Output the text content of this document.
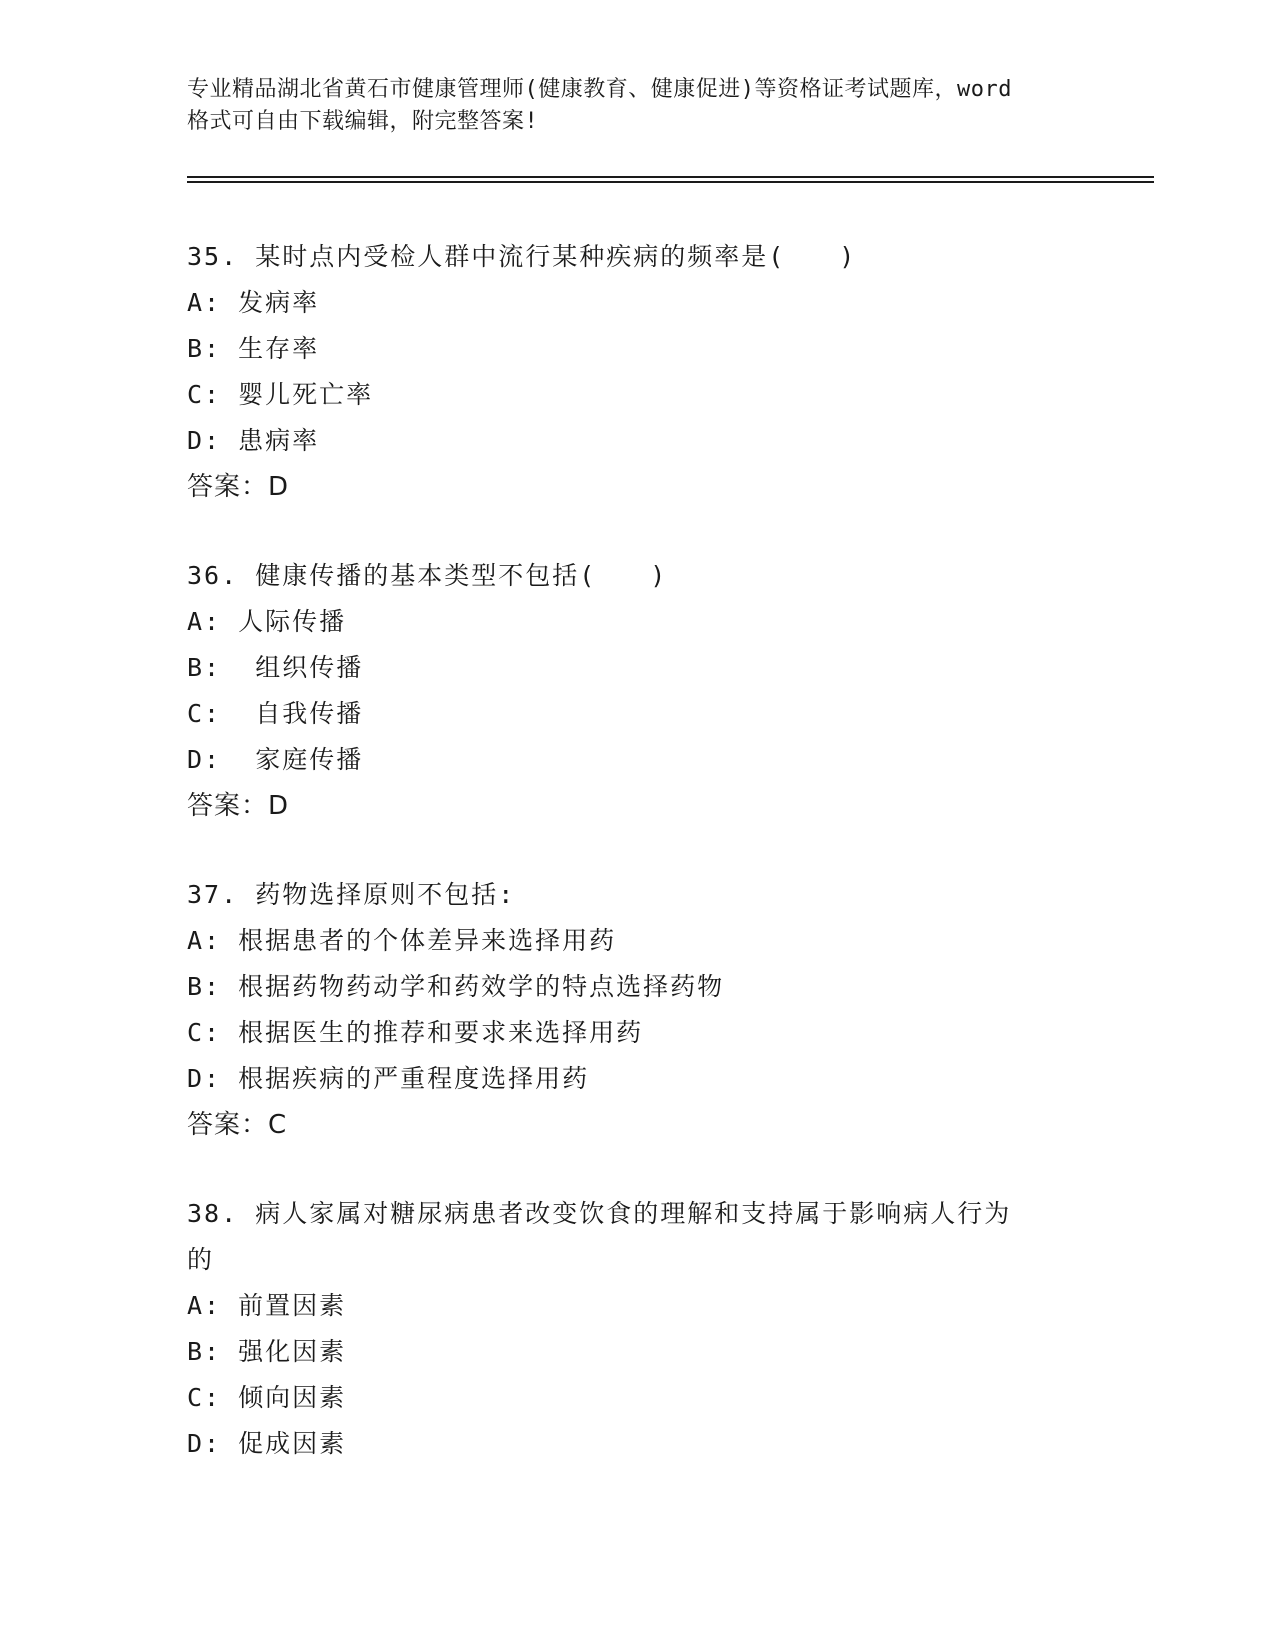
专业精品湖北省黄石市健康管理师(健康教育、健康促进)等资格证考试题库，word
格式可自由下载编辑，附完整答案!
35. 某时点内受检人群中流行某种疾病的频率是(　　)
A: 发病率
B: 生存率
C: 婴儿死亡率
D: 患病率
答案：D
36. 健康传播的基本类型不包括(　　)
A: 人际传播
B:  组织传播
C:  自我传播
D:  家庭传播
答案：D
37. 药物选择原则不包括:
A: 根据患者的个体差异来选择用药
B: 根据药物药动学和药效学的特点选择药物
C: 根据医生的推荐和要求来选择用药
D: 根据疾病的严重程度选择用药
答案：C
38. 病人家属对糖尿病患者改变饮食的理解和支持属于影响病人行为
的
A: 前置因素
B: 强化因素
C: 倾向因素
D: 促成因素
